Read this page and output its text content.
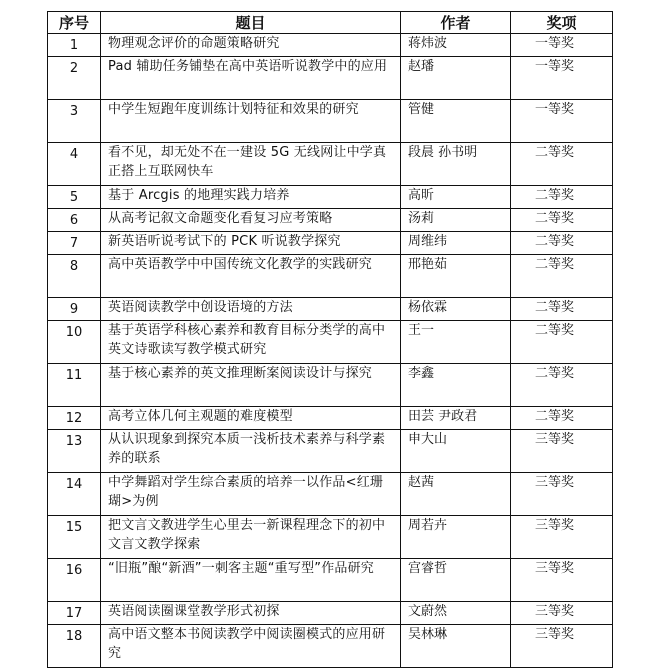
序号	题目	作者	奖项
1	物理观念评价的命题策略研究	蒋炜波	一等奖
2	Pad 辅助任务铺垫在高中英语听说教学中的应用	赵璠	一等奖
3	中学生短跑年度训练计划特征和效果的研究	管健	一等奖
4	看不见，却无处不在一建设 5G 无线网让中学真正搭上互联网快车	段晨 孙书明	二等奖
5	基于 Arcgis 的地理实践力培养	高昕	二等奖
6	从高考记叙文命题变化看复习应考策略	汤莉	二等奖
7	新英语听说考试下的 PCK 听说教学探究	周维纬	二等奖
8	高中英语教学中中国传统文化教学的实践研究	邢艳茹	二等奖
9	英语阅读教学中创设语境的方法	杨依霖	二等奖
10	基于英语学科核心素养和教育目标分类学的高中英文诗歌读写教学模式研究	王一	二等奖
11	基于核心素养的英文推理断案阅读设计与探究	李鑫	二等奖
12	高考立体几何主观题的难度模型	田芸 尹政君	二等奖
13	从认识现象到探究本质一浅析技术素养与科学素养的联系	申大山	三等奖
14	中学舞蹈对学生综合素质的培养一以作品<红珊瑚>为例	赵茜	三等奖
15	把文言文教进学生心里去一新课程理念下的初中文言文教学探索	周若卉	三等奖
16	“旧瓶”酿“新酒”一刺客主题“重写型”作品研究	宫睿哲	三等奖
17	英语阅读圈课堂教学形式初探	文蔚然	三等奖
18	高中语文整本书阅读教学中阅读圈模式的应用研究	吴林琳	三等奖
